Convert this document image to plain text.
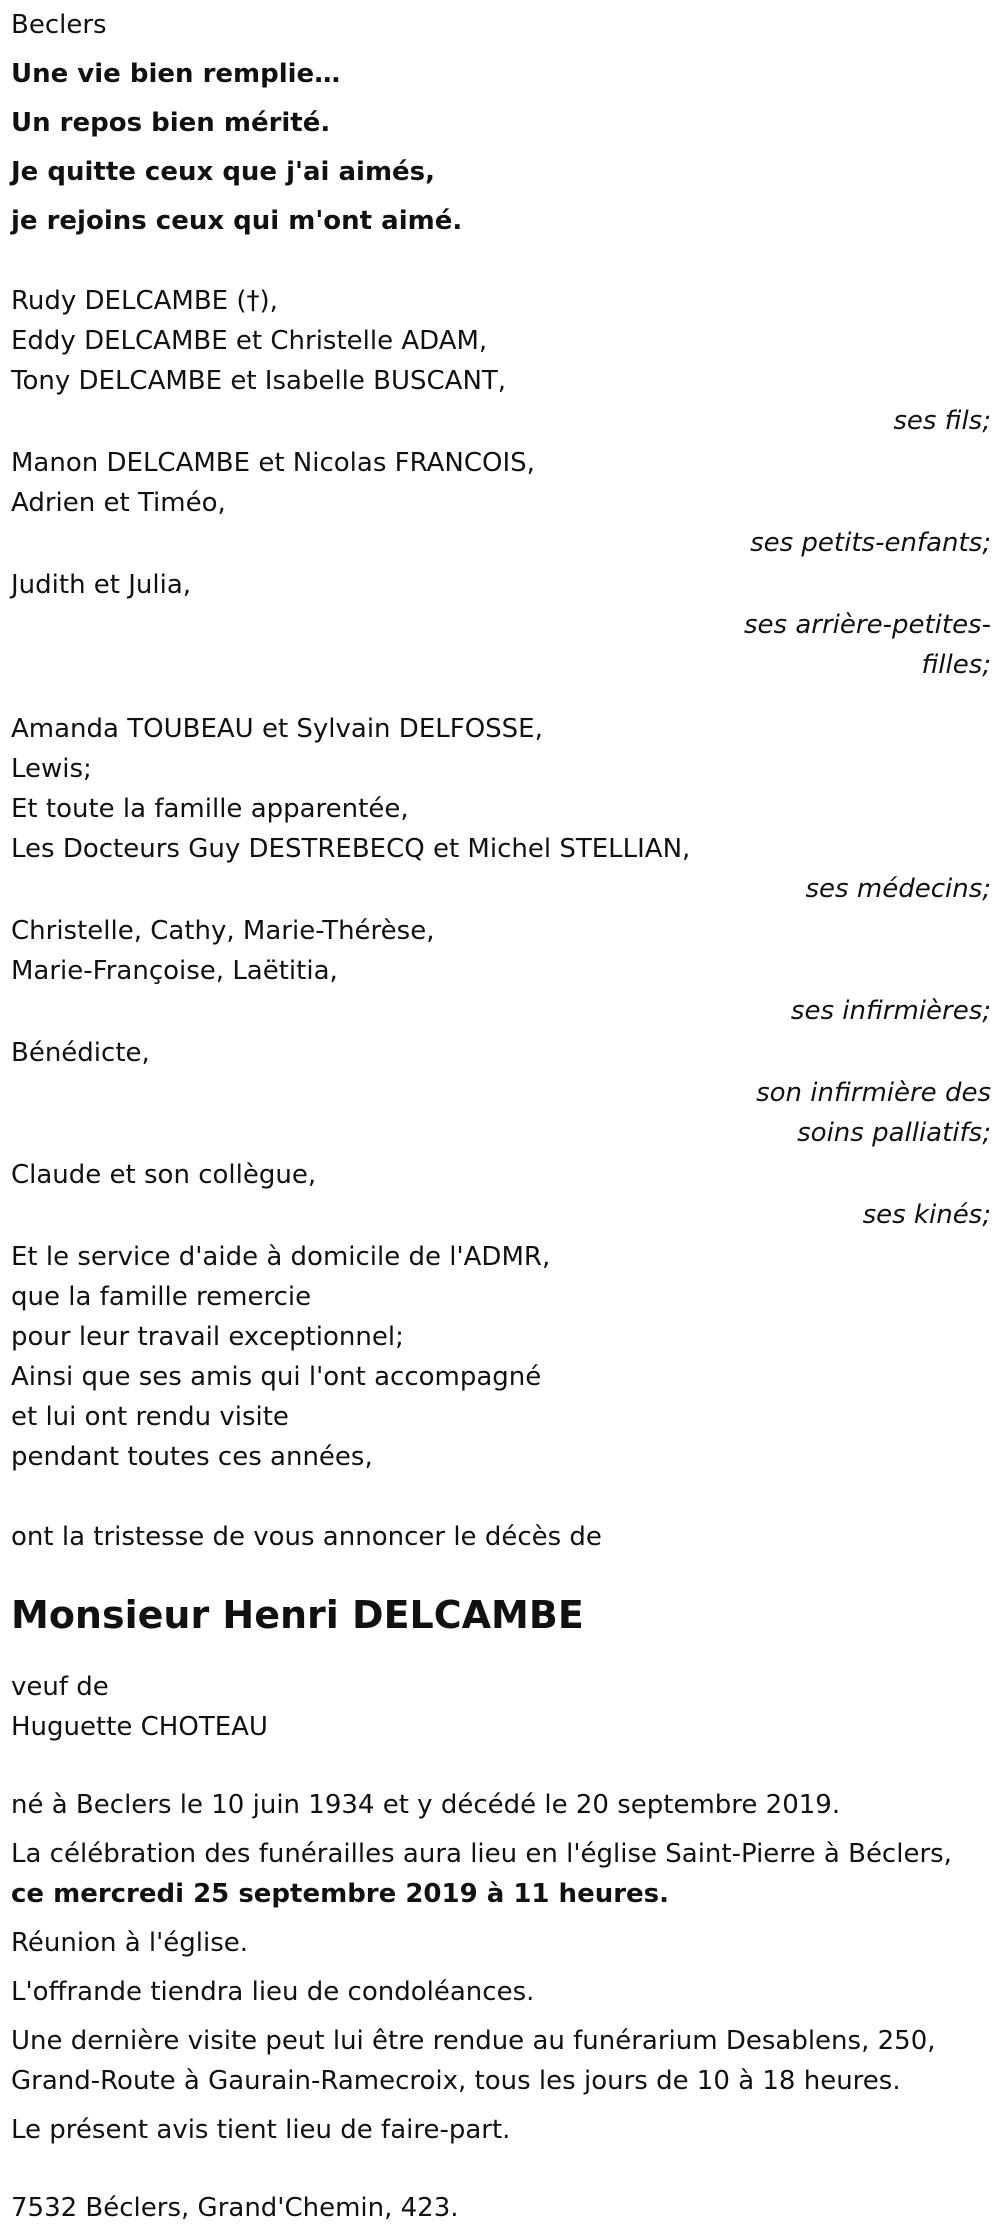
Beclers
Une vie bien remplie…
Un repos bien mérité.
Je quitte ceux que j'ai aimés,
je rejoins ceux qui m'ont aimé.
Rudy DELCAMBE (†),
Eddy DELCAMBE et Christelle ADAM,
Tony DELCAMBE et Isabelle BUSCANT,
ses fils;
Manon DELCAMBE et Nicolas FRANCOIS,
Adrien et Timéo,
ses petits-enfants;
Judith et Julia,
ses arrière-petites-
filles;
Amanda TOUBEAU et Sylvain DELFOSSE,
Lewis;
Et toute la famille apparentée,
Les Docteurs Guy DESTREBECQ et Michel STELLIAN,
ses médecins;
Christelle, Cathy, Marie-Thérèse,
Marie-Françoise, Laëtitia,
ses infirmières;
Bénédicte,
son infirmière des
soins palliatifs;
Claude et son collègue,
ses kinés;
Et le service d'aide à domicile de l'ADMR,
que la famille remercie
pour leur travail exceptionnel;
Ainsi que ses amis qui l'ont accompagné
et lui ont rendu visite
pendant toutes ces années,
ont la tristesse de vous annoncer le décès de
Monsieur Henri DELCAMBE
veuf de
Huguette CHOTEAU
né à Beclers le 10 juin 1934 et y décédé le 20 septembre 2019.
La célébration des funérailles aura lieu en l'église Saint-Pierre à Béclers,
ce mercredi 25 septembre 2019 à 11 heures.
Réunion à l'église.
L'offrande tiendra lieu de condoléances.
Une dernière visite peut lui être rendue au funérarium Desablens, 250,
Grand-Route à Gaurain-Ramecroix, tous les jours de 10 à 18 heures.
Le présent avis tient lieu de faire-part.
7532 Béclers, Grand'Chemin, 423.
